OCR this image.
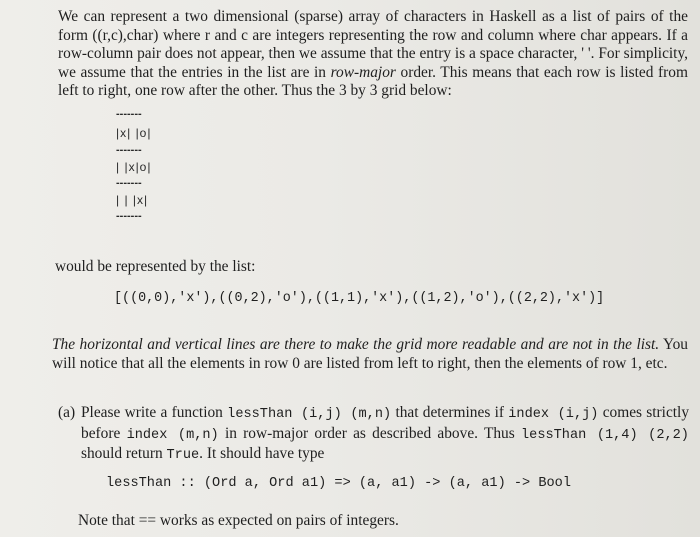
We can represent a two dimensional (sparse) array of characters in Haskell as a list of pairs of the form ((r,c),char) where r and c are integers representing the row and column where char appears. If a row-column pair does not appear, then we assume that the entry is a space character, ' '. For simplicity, we assume that the entries in the list are in row-major order. This means that each row is listed from left to right, one row after the other. Thus the 3 by 3 grid below:
-------
|x| |o|
-------
| |x|o|
-------
| | |x|
-------
would be represented by the list:
[((0,0),'x'),((0,2),'o'),((1,1),'x'),((1,2),'o'),((2,2),'x')]
The horizontal and vertical lines are there to make the grid more readable and are not in the list. You will notice that all the elements in row 0 are listed from left to right, then the elements of row 1, etc.
(a) Please write a function lessThan (i,j) (m,n) that determines if index (i,j) comes strictly before index (m,n) in row-major order as described above. Thus lessThan (1,4) (2,2) should return True. It should have type
lessThan :: (Ord a, Ord a1) => (a, a1) -> (a, a1) -> Bool
Note that == works as expected on pairs of integers.
